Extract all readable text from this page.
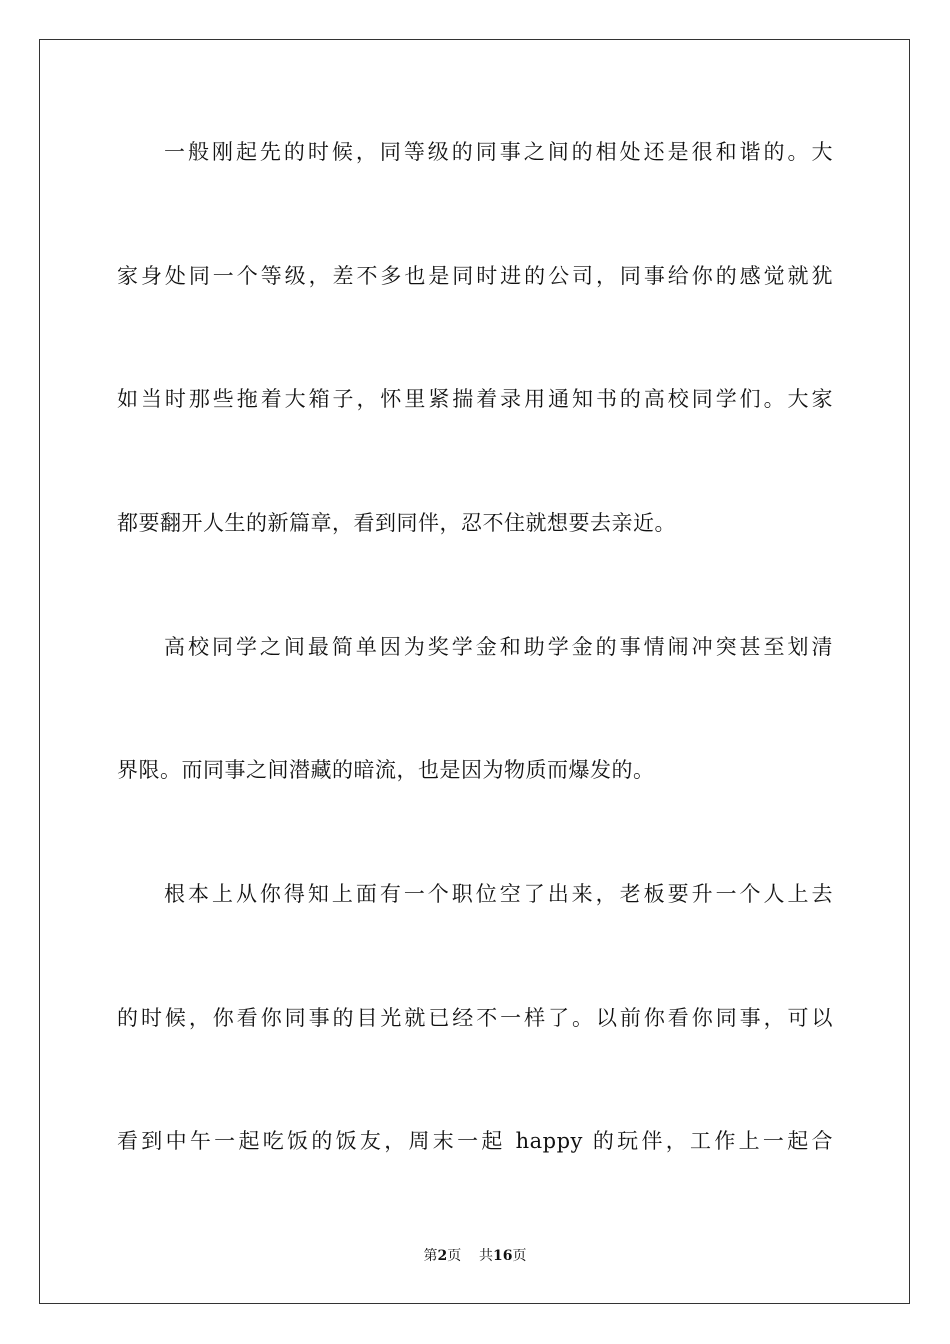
一般刚起先的时候，同等级的同事之间的相处还是很和谐的。大
家身处同一个等级，差不多也是同时进的公司，同事给你的感觉就犹
如当时那些拖着大箱子，怀里紧揣着录用通知书的高校同学们。大家
都要翻开人生的新篇章，看到同伴，忍不住就想要去亲近。
高校同学之间最简单因为奖学金和助学金的事情闹冲突甚至划清
界限。而同事之间潜藏的暗流，也是因为物质而爆发的。
根本上从你得知上面有一个职位空了出来，老板要升一个人上去
的时候，你看你同事的目光就已经不一样了。以前你看你同事，可以
看到中午一起吃饭的饭友，周末一起 happy 的玩伴，工作上一起合
第2页 共16页
